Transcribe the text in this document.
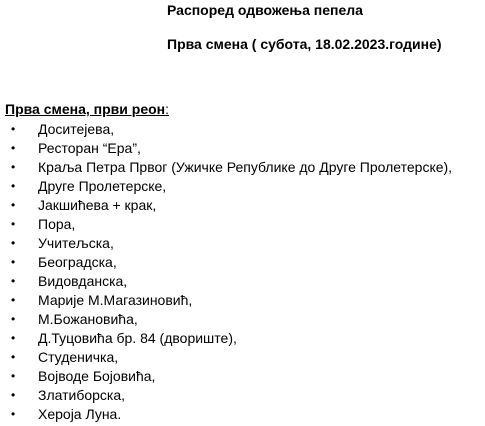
Распоред одвожења пепела
Прва смена ( субота, 18.02.2023.године)
Прва смена, први реон:
• Доситејева,
• Ресторан “Ера”,
• Краља Петра Првог (Ужичке Републике до Друге Пролетерске),
• Друге Пролетерске,
• Јакшићева + крак,
• Пора,
• Учитељска,
• Београдска,
• Видовданска,
• Марије М.Магазиновић,
• М.Божановића,
• Д.Туцовића бр. 84 (двориште),
• Студеничка,
• Војводе Бојовића,
• Златиборска,
• Хероја Луна.
